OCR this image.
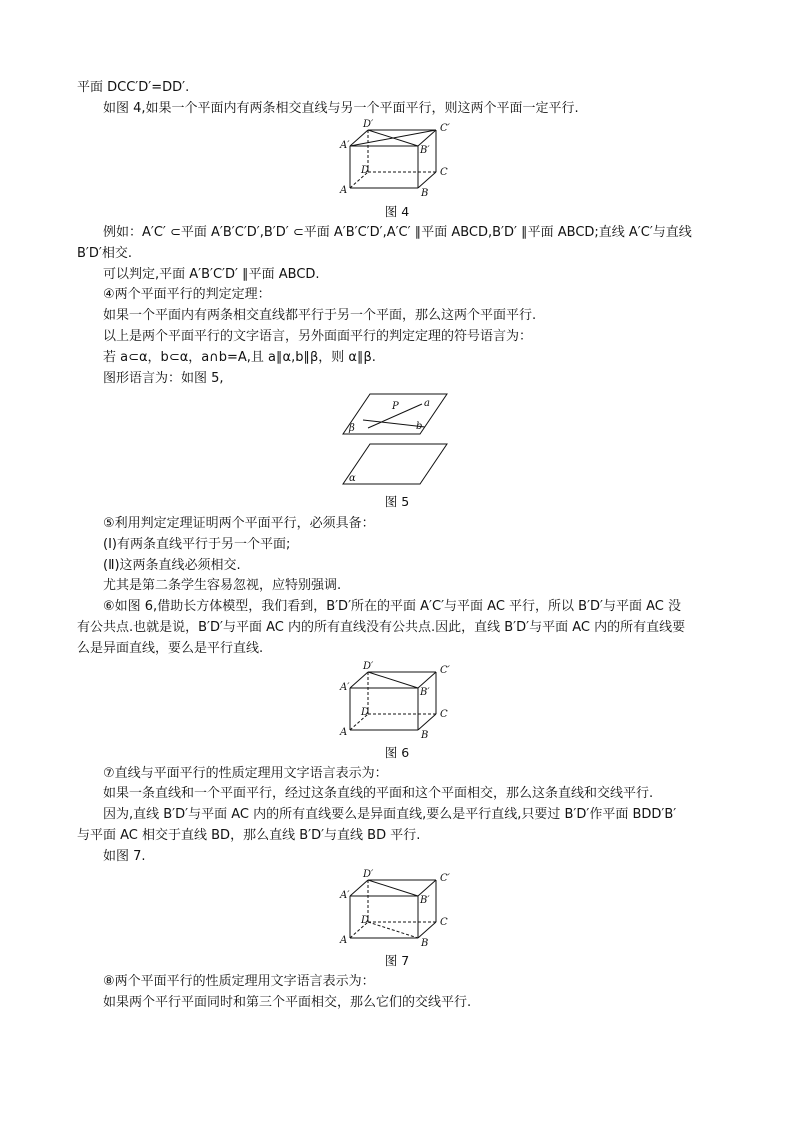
平面 DCC′D′=DD′.
如图 4,如果一个平面内有两条相交直线与另一个平面平行，则这两个平面一定平行.
D′	C′
A′	B′
D	C
A	B
图 4
例如：A′C′ ⊂平面 A′B′C′D′,B′D′ ⊂平面 A′B′C′D′,A′C′ ∥平面 ABCD,B′D′ ∥平面 ABCD;直线 A′C′与直线
B′D′相交.
可以判定,平面 A′B′C′D′ ∥平面 ABCD.
④两个平面平行的判定定理：
如果一个平面内有两条相交直线都平行于另一个平面，那么这两个平面平行.
以上是两个平面平行的文字语言，另外面面平行的判定定理的符号语言为：
若 a⊂α，b⊂α，a∩b=A,且 a∥α,b∥β，则 α∥β.
图形语言为：如图 5,
P	a
b
β
α
图 5
⑤利用判定定理证明两个平面平行，必须具备：
(Ⅰ)有两条直线平行于另一个平面;
(Ⅱ)这两条直线必须相交.
尤其是第二条学生容易忽视，应特别强调.
⑥如图 6,借助长方体模型，我们看到，B′D′所在的平面 A′C′与平面 AC 平行，所以 B′D′与平面 AC 没
有公共点.也就是说，B′D′与平面 AC 内的所有直线没有公共点.因此，直线 B′D′与平面 AC 内的所有直线要
么是异面直线，要么是平行直线.
D′	C′
A′	B′
D	C
A	B
图 6
⑦直线与平面平行的性质定理用文字语言表示为：
如果一条直线和一个平面平行，经过这条直线的平面和这个平面相交，那么这条直线和交线平行.
因为,直线 B′D′与平面 AC 内的所有直线要么是异面直线,要么是平行直线,只要过 B′D′作平面 BDD′B′
与平面 AC 相交于直线 BD，那么直线 B′D′与直线 BD 平行.
如图 7.
D′	C′
A′	B′
D	C
A	B
图 7
⑧两个平面平行的性质定理用文字语言表示为：
如果两个平行平面同时和第三个平面相交，那么它们的交线平行.
